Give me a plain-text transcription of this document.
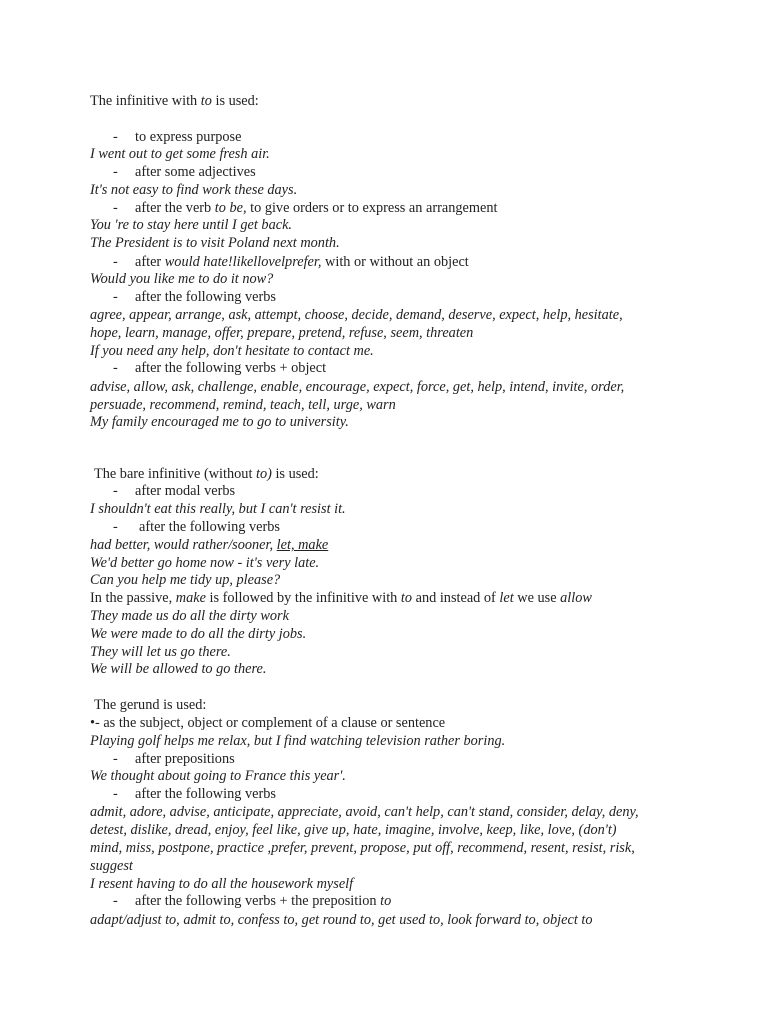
The infinitive with to is used:
- to express purpose
I went out to get some fresh air.
- after some adjectives
It's not easy to find work these days.
- after the verb to be, to give orders or to express an arrangement
You 're to stay here until I get back.
The President is to visit Poland next month.
- after would hate!likellovelprefer, with or without an object
Would you like me to do it now?
- after the following verbs
agree, appear, arrange, ask, attempt, choose, decide, demand, deserve, expect, help, hesitate,
hope, learn, manage, offer, prepare, pretend, refuse, seem, threaten
If you need any help, don't hesitate to contact me.
- after the following verbs + object
advise, allow, ask, challenge, enable, encourage, expect, force, get, help, intend, invite, order,
persuade, recommend, remind, teach, tell, urge, warn
My family encouraged me to go to university.
The bare infinitive (without to) is used:
- after modal verbs
I shouldn't eat this really, but I can't resist it.
- after the following verbs
had better, would rather/sooner, let, make
We'd better go home now - it's very late.
Can you help me tidy up, please?
In the passive, make is followed by the infinitive with to and instead of let we use allow
They made us do all the dirty work
We were made to do all the dirty jobs.
They will let us go there.
We will be allowed to go there.
The gerund is used:
•- as the subject, object or complement of a clause or sentence
Playing golf helps me relax, but I find watching television rather boring.
- after prepositions
We thought about going to France this year'.
- after the following verbs
admit, adore, advise, anticipate, appreciate, avoid, can't help, can't stand, consider, delay, deny,
detest, dislike, dread, enjoy, feel like, give up, hate, imagine, involve, keep, like, love, (don't)
mind, miss, postpone, practice ,prefer, prevent, propose, put off, recommend, resent, resist, risk,
suggest
I resent having to do all the housework myself
- after the following verbs + the preposition to
adapt/adjust to, admit to, confess to, get round to, get used to, look forward to, object to
